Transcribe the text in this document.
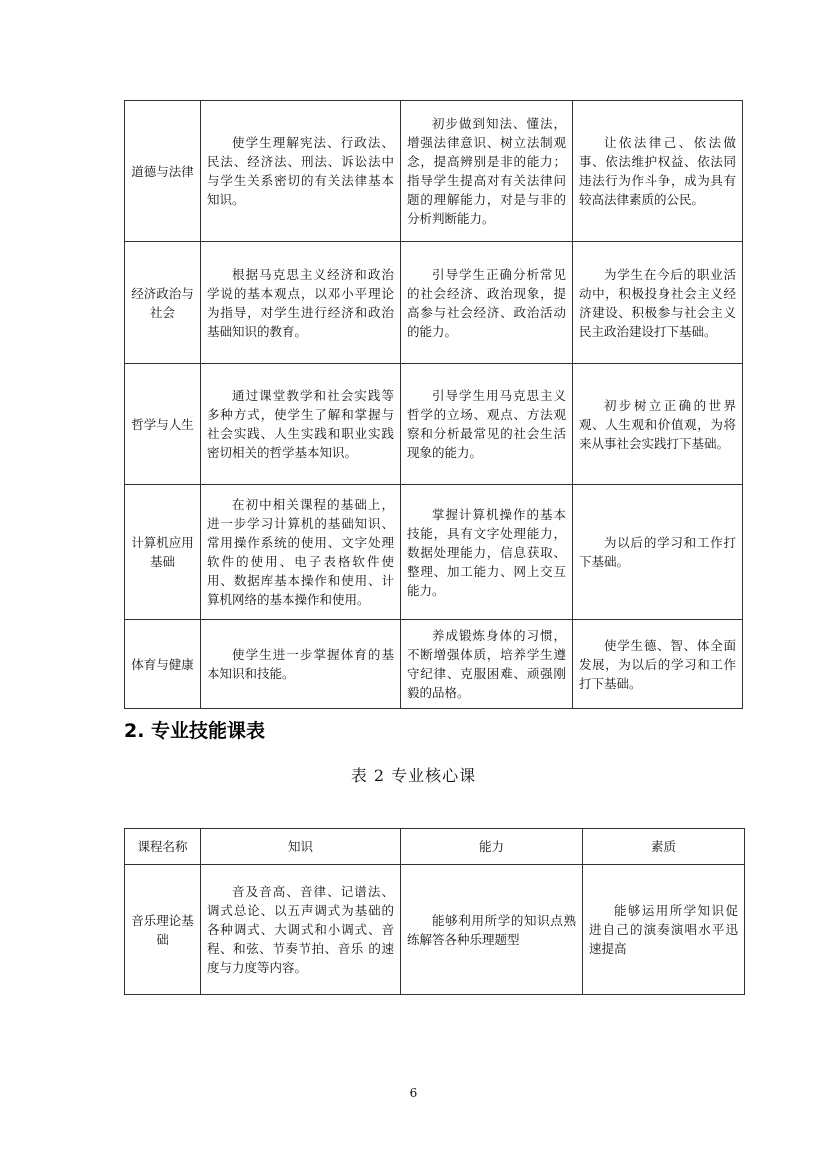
道德与法律	使学生理解宪法、行政法、民法、经济法、刑法、诉讼法中与学生关系密切的有关法律基本知识。	初步做到知法、懂法，增强法律意识、树立法制观念，提高辨别是非的能力；指导学生提高对有关法律问题的理解能力，对是与非的分析判断能力。	让依法律己、依法做事、依法维护权益、依法同违法行为作斗争，成为具有较高法律素质的公民。
经济政治与社会	根据马克思主义经济和政治学说的基本观点，以邓小平理论为指导，对学生进行经济和政治基础知识的教育。	引导学生正确分析常见的社会经济、政治现象，提高参与社会经济、政治活动的能力。	为学生在今后的职业活动中，积极投身社会主义经济建设、积极参与社会主义民主政治建设打下基础。
哲学与人生	通过课堂教学和社会实践等多种方式，使学生了解和掌握与社会实践、人生实践和职业实践密切相关的哲学基本知识。	引导学生用马克思主义哲学的立场、观点、方法观察和分析最常见的社会生活现象的能力。	初步树立正确的世界观、人生观和价值观，为将来从事社会实践打下基础。
计算机应用基础	在初中相关课程的基础上，进一步学习计算机的基础知识、常用操作系统的使用、文字处理软件的使用、电子表格软件使用、数据库基本操作和使用、计算机网络的基本操作和使用。	掌握计算机操作的基本技能，具有文字处理能力，数据处理能力，信息获取、整理、加工能力、网上交互能力。	为以后的学习和工作打下基础。
体育与健康	使学生进一步掌握体育的基本知识和技能。	养成锻炼身体的习惯，不断增强体质，培养学生遵守纪律、克服困难、顽强刚毅的品格。	使学生德、智、体全面发展，为以后的学习和工作打下基础。
2. 专业技能课表
表 2 专业核心课
课程名称	知识	能力	素质
音乐理论基础	音及音高、音律、记谱法、调式总论、以五声调式为基础的各种调式、大调式和小调式、音程、和弦、节奏节拍、音乐 的速度与力度等内容。	能够利用所学的知识点熟练解答各种乐理题型	能够运用所学知识促进自己的演奏演唱水平迅速提高
6
